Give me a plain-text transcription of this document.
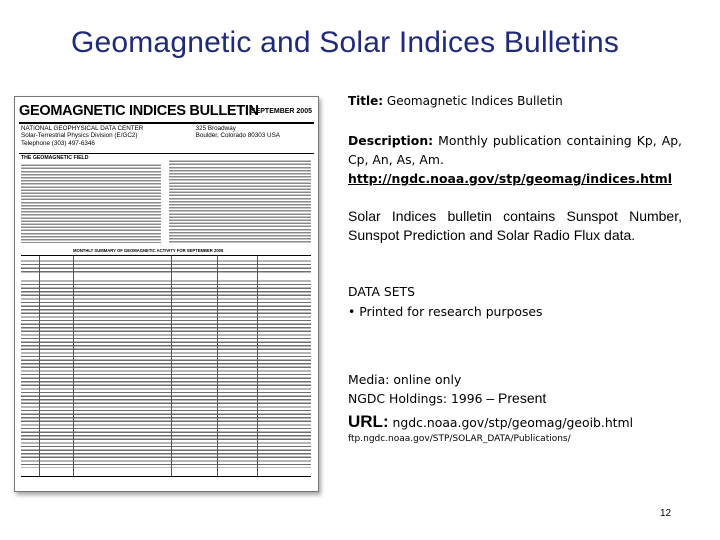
Geomagnetic and Solar Indices Bulletins
GEOMAGNETIC INDICES BULLETIN
SEPTEMBER 2005
NATIONAL GEOPHYSICAL DATA CENTER
Solar-Terrestrial Physics Division (E/GC2)
Telephone (303) 497-6346
325 Broadway
Boulder, Colorado 80303 USA
THE GEOMAGNETIC FIELD
MONTHLY SUMMARY OF GEOMAGNETIC ACTIVITY FOR SEPTEMBER 2005
Title: Geomagnetic Indices Bulletin
Description: Monthly publication containing Kp, Ap, Cp, An, As, Am.
http://ngdc.noaa.gov/stp/geomag/indices.html
Solar Indices bulletin contains Sunspot Number, Sunspot Prediction and Solar Radio Flux data.
DATA SETS
• Printed for research purposes
Media: online only
NGDC Holdings: 1996 – Present
URL: ngdc.noaa.gov/stp/geomag/geoib.html
ftp.ngdc.noaa.gov/STP/SOLAR_DATA/Publications/
12
